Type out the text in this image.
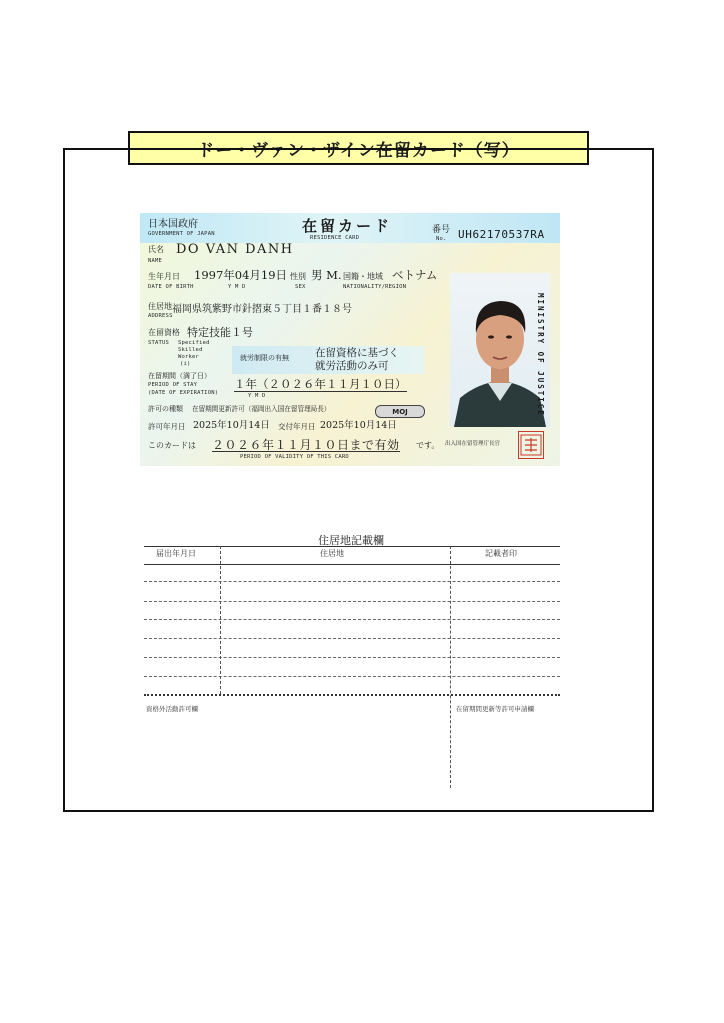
ドー・ヴァン・ザイン在留カード（写）
日本国政府
GOVERNMENT OF JAPAN	在留カード
RESIDENCE CARD
番号
No. UH62170537RA
氏名 DO VAN DANH
NAME
生年月日 1997年04月19日 性別 男 M. 国籍・地域 ベトナム
DATE OF BIRTH	Y M D	SEX	NATIONALITY/REGION
住居地
ADDRESS
福岡県筑紫野市針摺東５丁目１番１８号
在留資格 特定技能１号
STATUS Specified
Skilled
Worker
(i)
就労制限の有無 在留資格に基づく
就労活動のみ可
在留期間（満了日）
PERIOD OF STAY
(DATE OF EXPIRATION)
１年（２０２６年１１月１０日）
Y M D
許可の種類 在留期間更新許可（福岡出入国在留管理局長）	MOJ
許可年月日 2025年10月14日 交付年月日 2025年10月14日
このカードは ２０２６年１１月１０日まで有効 です。
PERIOD OF VALIDITY OF THIS CARD
出入国在留管理庁長官
MINISTRY OF JUSTICE
住居地記載欄
届出年月日	住居地	記載者印
資格外活動許可欄	在留期間更新等許可申請欄
